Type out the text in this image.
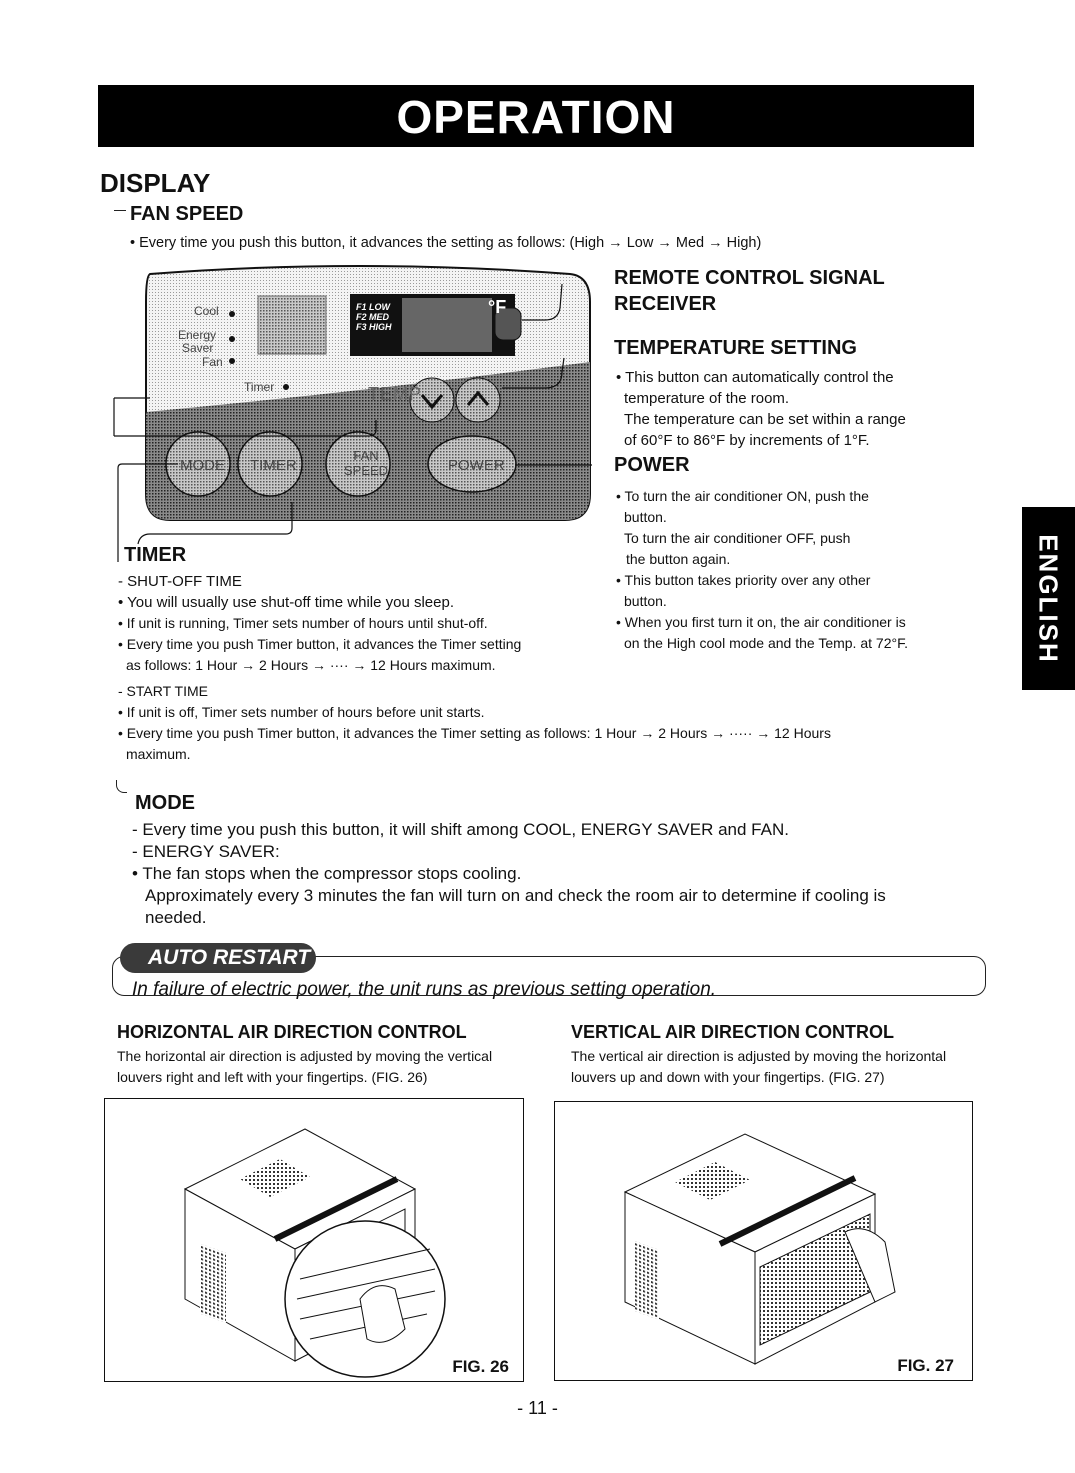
OPERATION
DISPLAY
FAN SPEED
• Every time you push this button, it advances the setting as follows: (High → Low → Med → High)
Cool
Energy
Saver
Fan
Timer	TEMP
°F
F1 LOW
F2 MED
F3 HIGH
MODE TIMER
FAN
SPEED	POWER
REMOTE CONTROL SIGNAL
RECEIVER
TEMPERATURE SETTING
• This button can automatically control the
temperature of the room.
The temperature can be set within a range
of 60°F to 86°F by increments of 1°F.
POWER
• To turn the air conditioner ON, push the
button.
To turn the air conditioner OFF, push
the button again.
• This button takes priority over any other
button.
• When you first turn it on, the air conditioner is
on the High cool mode and the Temp. at 72°F.
TIMER
- SHUT-OFF TIME
• You will usually use shut-off time while you sleep.
• If unit is running, Timer sets number of hours until shut-off.
• Every time you push Timer button, it advances the Timer setting
as follows: 1 Hour → 2 Hours → ···· → 12 Hours maximum.
- START TIME
• If unit is off, Timer sets number of hours before unit starts.
• Every time you push Timer button, it advances the Timer setting as follows: 1 Hour → 2 Hours → ····· → 12 Hours
maximum.
MODE
- Every time you push this button, it will shift among COOL, ENERGY SAVER and FAN.
- ENERGY SAVER:
• The fan stops when the compressor stops cooling.
Approximately every 3 minutes the fan will turn on and check the room air to determine if cooling is
needed.
AUTO RESTART
In failure of electric power, the unit runs as previous setting operation.
HORIZONTAL AIR DIRECTION CONTROL
The horizontal air direction is adjusted by moving the vertical
louvers right and left with your fingertips. (FIG. 26)
VERTICAL AIR DIRECTION CONTROL
The vertical air direction is adjusted by moving the horizontal
louvers up and down with your fingertips. (FIG. 27)
FIG. 26	FIG. 27
- 11 -
ENGLISH
